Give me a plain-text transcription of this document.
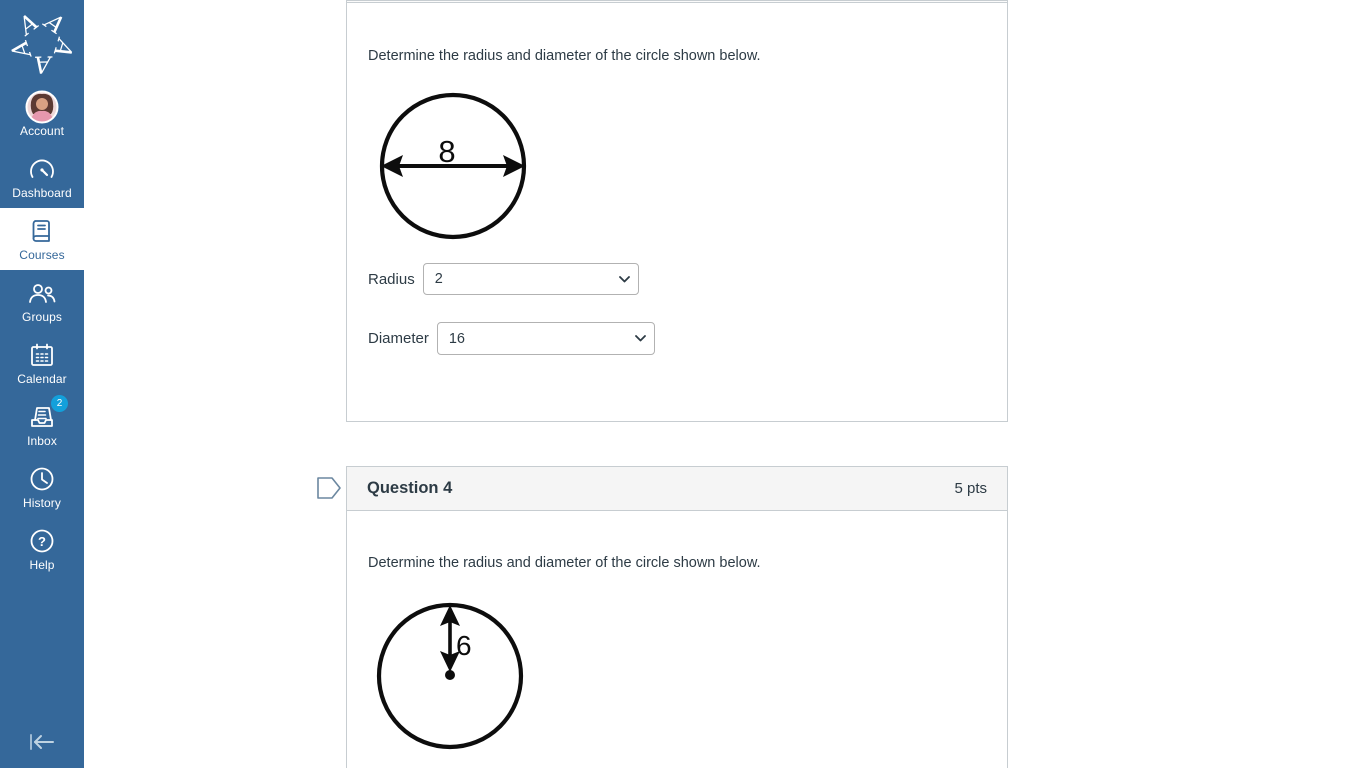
A
A
A
A
A
Account
Dashboard
Courses
Groups
Calendar
2
Inbox
History
?
Help

Determine the radius and diameter of the circle shown below.

8
Radius
2
Diameter
16
Question 4	5 pts

Determine the radius and diameter of the circle shown below.

6
